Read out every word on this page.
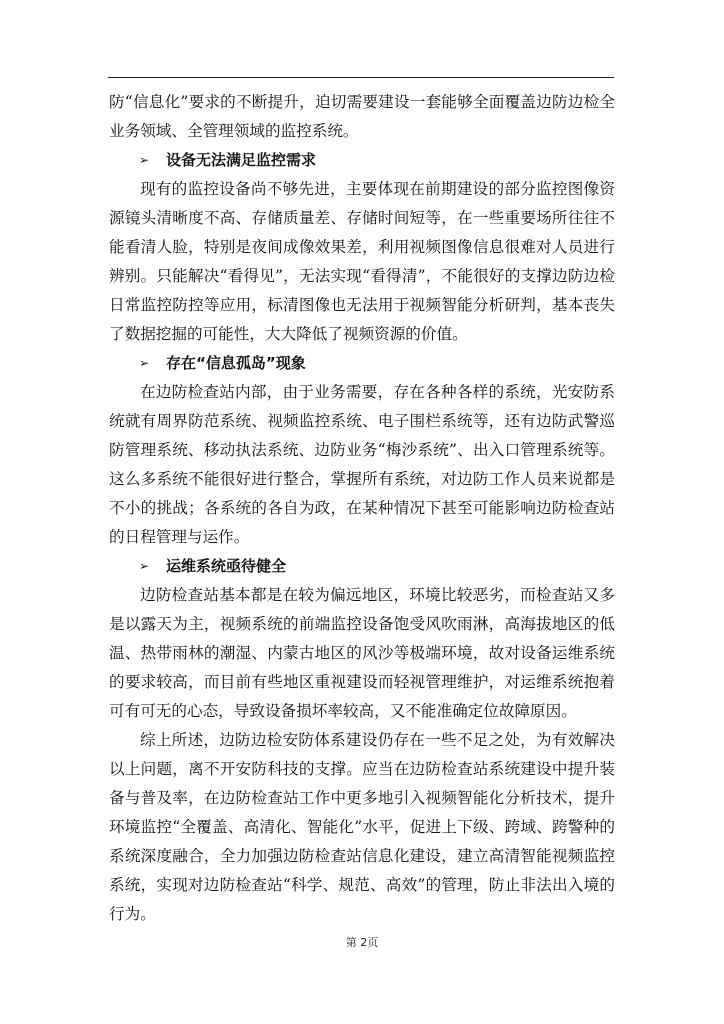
防“信息化”要求的不断提升，迫切需要建设一套能够全面覆盖边防边检全业务领域、全管理领域的监控系统。

➢	设备无法满足监控需求

现有的监控设备尚不够先进，主要体现在前期建设的部分监控图像资源镜头清晰度不高、存储质量差、存储时间短等，在一些重要场所往往不能看清人脸，特别是夜间成像效果差，利用视频图像信息很难对人员进行辨别。只能解决“看得见”，无法实现“看得清”，不能很好的支撑边防边检日常监控防控等应用，标清图像也无法用于视频智能分析研判，基本丧失了数据挖掘的可能性，大大降低了视频资源的价值。

➢	存在“信息孤岛”现象

在边防检查站内部，由于业务需要，存在各种各样的系统，光安防系统就有周界防范系统、视频监控系统、电子围栏系统等，还有边防武警巡防管理系统、移动执法系统、边防业务“梅沙系统”、出入口管理系统等。这么多系统不能很好进行整合，掌握所有系统，对边防工作人员来说都是不小的挑战；各系统的各自为政，在某种情况下甚至可能影响边防检查站的日程管理与运作。

➢	运维系统亟待健全

边防检查站基本都是在较为偏远地区，环境比较恶劣，而检查站又多是以露天为主，视频系统的前端监控设备饱受风吹雨淋，高海拔地区的低温、热带雨林的潮湿、内蒙古地区的风沙等极端环境，故对设备运维系统的要求较高，而目前有些地区重视建设而轻视管理维护，对运维系统抱着可有可无的心态，导致设备损坏率较高，又不能准确定位故障原因。

综上所述，边防边检安防体系建设仍存在一些不足之处，为有效解决以上问题，离不开安防科技的支撑。应当在边防检查站系统建设中提升装备与普及率，在边防检查站工作中更多地引入视频智能化分析技术，提升环境监控“全覆盖、高清化、智能化”水平，促进上下级、跨域、跨警种的系统深度融合，全力加强边防检查站信息化建设，建立高清智能视频监控系统，实现对边防检查站“科学、规范、高效”的管理，防止非法出入境的行为。

第 2页
